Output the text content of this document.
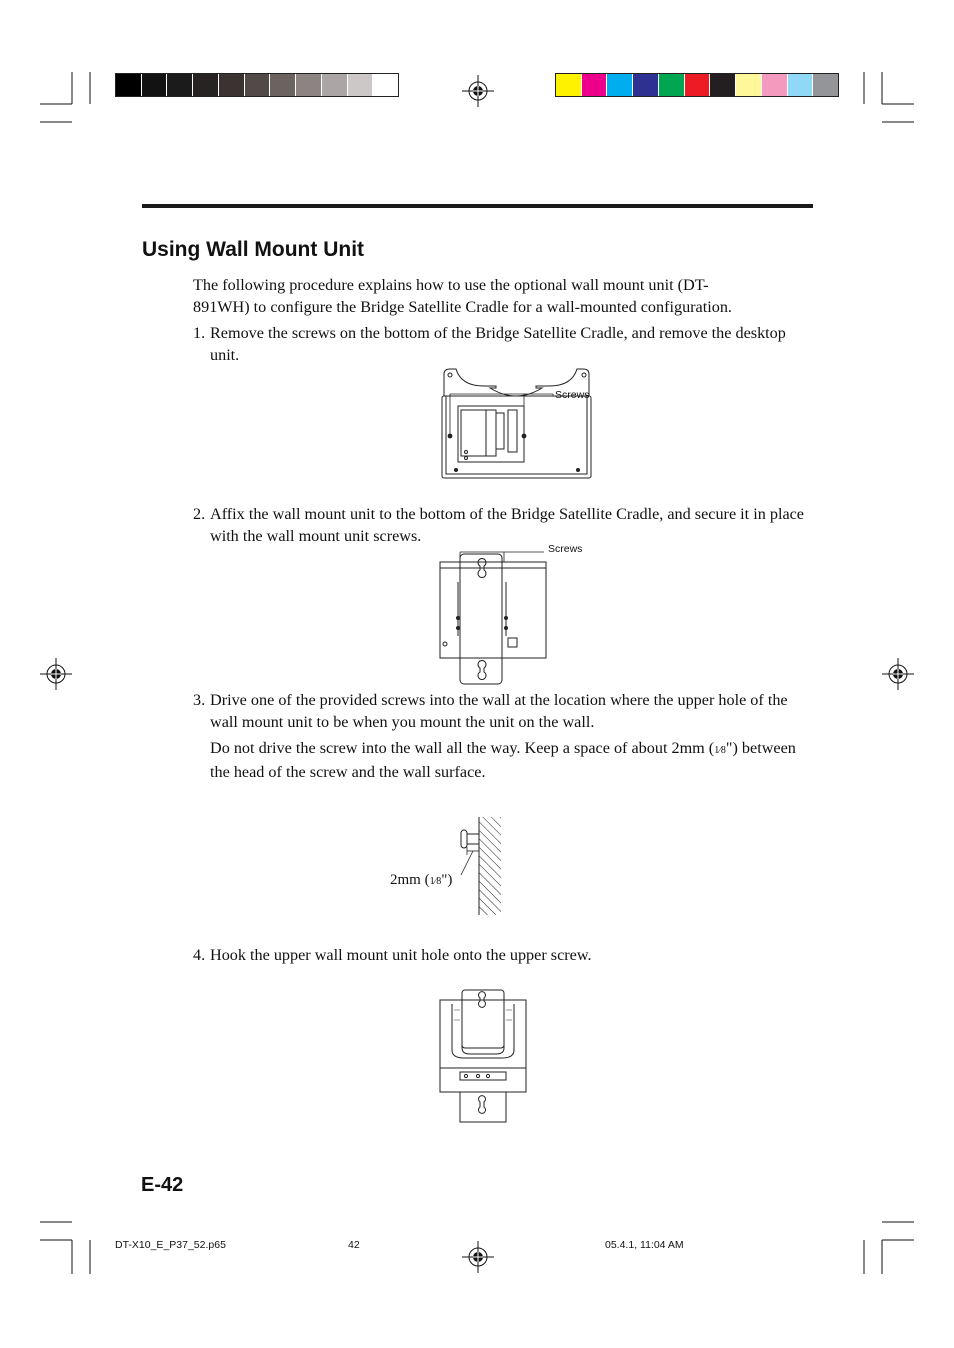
Using Wall Mount Unit
The following procedure explains how to use the optional wall mount unit (DT-891WH) to configure the Bridge Satellite Cradle for a wall-mounted configuration.
1. Remove the screws on the bottom of the Bridge Satellite Cradle, and remove the desktop unit.
Screws
2. Affix the wall mount unit to the bottom of the Bridge Satellite Cradle, and secure it in place with the wall mount unit screws.
Screws
3. Drive one of the provided screws into the wall at the location where the upper hole of the wall mount unit to be when you mount the unit on the wall.
Do not drive the screw into the wall all the way. Keep a space of about 2mm (1⁄8") between the head of the screw and the wall surface.
2mm (1⁄8")
4. Hook the upper wall mount unit hole onto the upper screw.
E-42
DT-X10_E_P37_52.p65	42	05.4.1, 11:04 AM
